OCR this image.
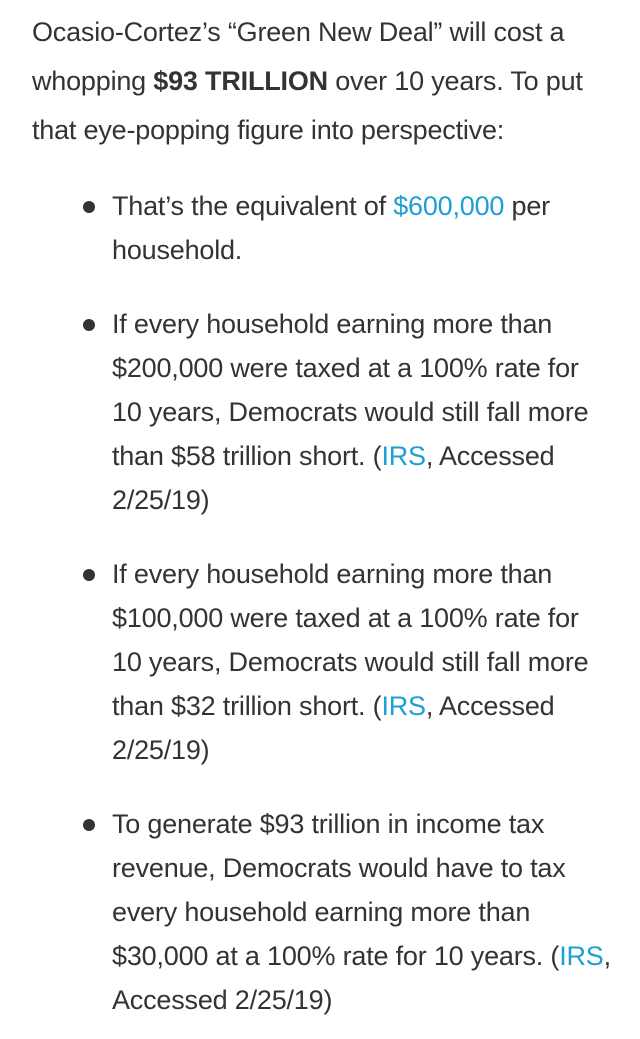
Ocasio-Cortez’s “Green New Deal” will cost a whopping $93 TRILLION over 10 years. To put that eye-popping figure into perspective:

That’s the equivalent of $600,000 per household.
If every household earning more than $200,000 were taxed at a 100% rate for 10 years, Democrats would still fall more than $58 trillion short. (IRS, Accessed 2/25/19)
If every household earning more than $100,000 were taxed at a 100% rate for 10 years, Democrats would still fall more than $32 trillion short. (IRS, Accessed 2/25/19)
To generate $93 trillion in income tax revenue, Democrats would have to tax every household earning more than $30,000 at a 100% rate for 10 years. (IRS, Accessed 2/25/19)
